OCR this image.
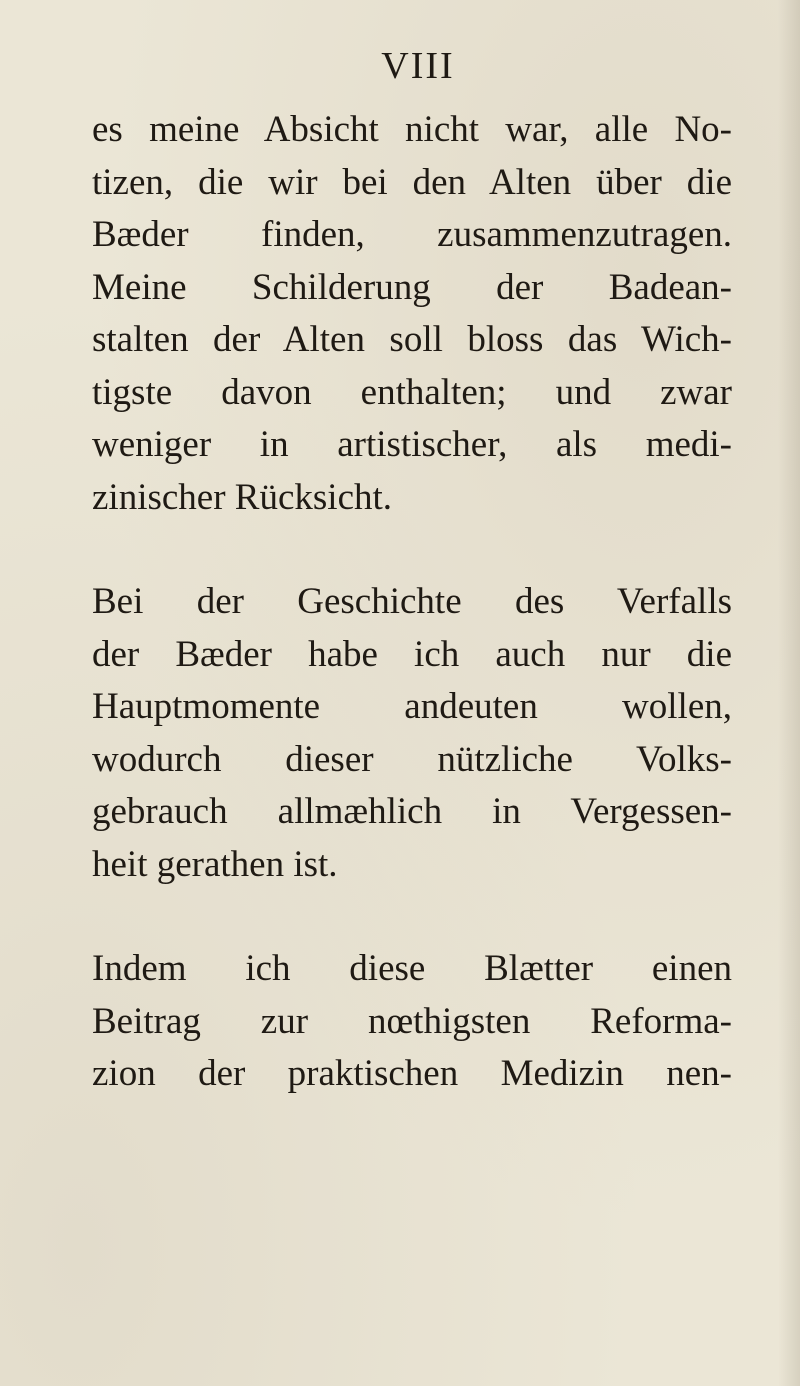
VIII
es meine Absicht nicht war, alle No-
tizen, die wir bei den Alten über die
Bæder finden, zusammenzutragen.
Meine Schilderung der Badean-
stalten der Alten soll bloss das Wich-
tigste davon enthalten; und zwar
weniger in artistischer, als medi-
zinischer Rücksicht.
Bei der Geschichte des Verfalls
der Bæder habe ich auch nur die
Hauptmomente andeuten wollen,
wodurch dieser nützliche Volks-
gebrauch allmæhlich in Vergessen-
heit gerathen ist.
Indem ich diese Blætter einen
Beitrag zur nœthigsten Reforma-
zion der praktischen Medizin nen-
